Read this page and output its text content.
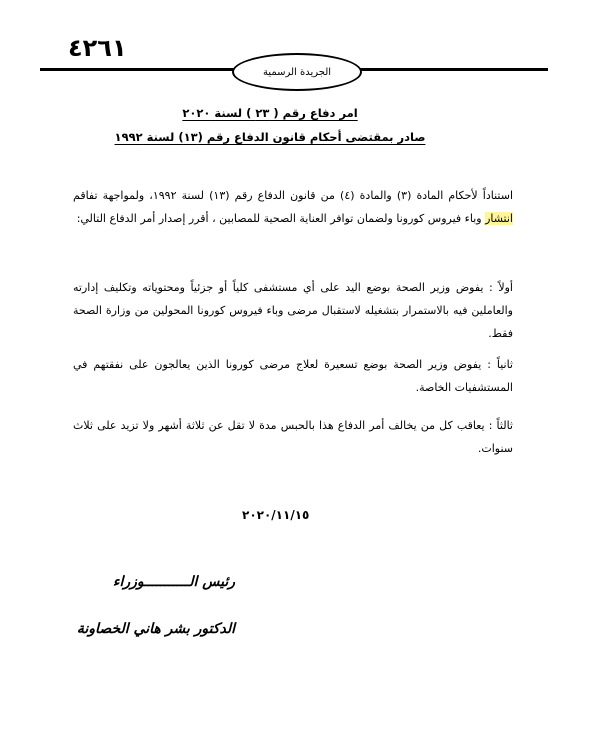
٤٢٦١
الجريدة الرسمية
امر دفاع رقم ( ٢٣ ) لسنة ٢٠٢٠
صادر بمقتضى أحكام قانون الدفاع رقم (١٣) لسنة ١٩٩٢
استناداً لأحكام المادة (٣) والمادة (٤) من قانون الدفاع رقم (١٣) لسنة ١٩٩٢، ولمواجهة تفاقم انتشار وباء فيروس كورونا ولضمان توافر العناية الصحية للمصابين ، أقرر إصدار أمر الدفاع التالي:
أولاً : يفوض وزير الصحة بوضع اليد على أي مستشفى كلياً أو جزئياً ومحتوياته وتكليف إدارته والعاملين فيه بالاستمرار بتشغيله لاستقبال مرضى وباء فيروس كورونا المحولين من وزارة الصحة فقط.
ثانياً : يفوض وزير الصحة بوضع تسعيرة لعلاج مرضى كورونا الذين يعالجون على نفقتهم في المستشفيات الخاصة.
ثالثاً : يعاقب كل من يخالف أمر الدفاع هذا بالحبس مدة لا تقل عن ثلاثة أشهر ولا تزيد على ثلاث سنوات.
٢٠٢٠/١١/١٥
رئيس الـــــــــــوزراء
الدكتور بشر هاني الخصاونة
